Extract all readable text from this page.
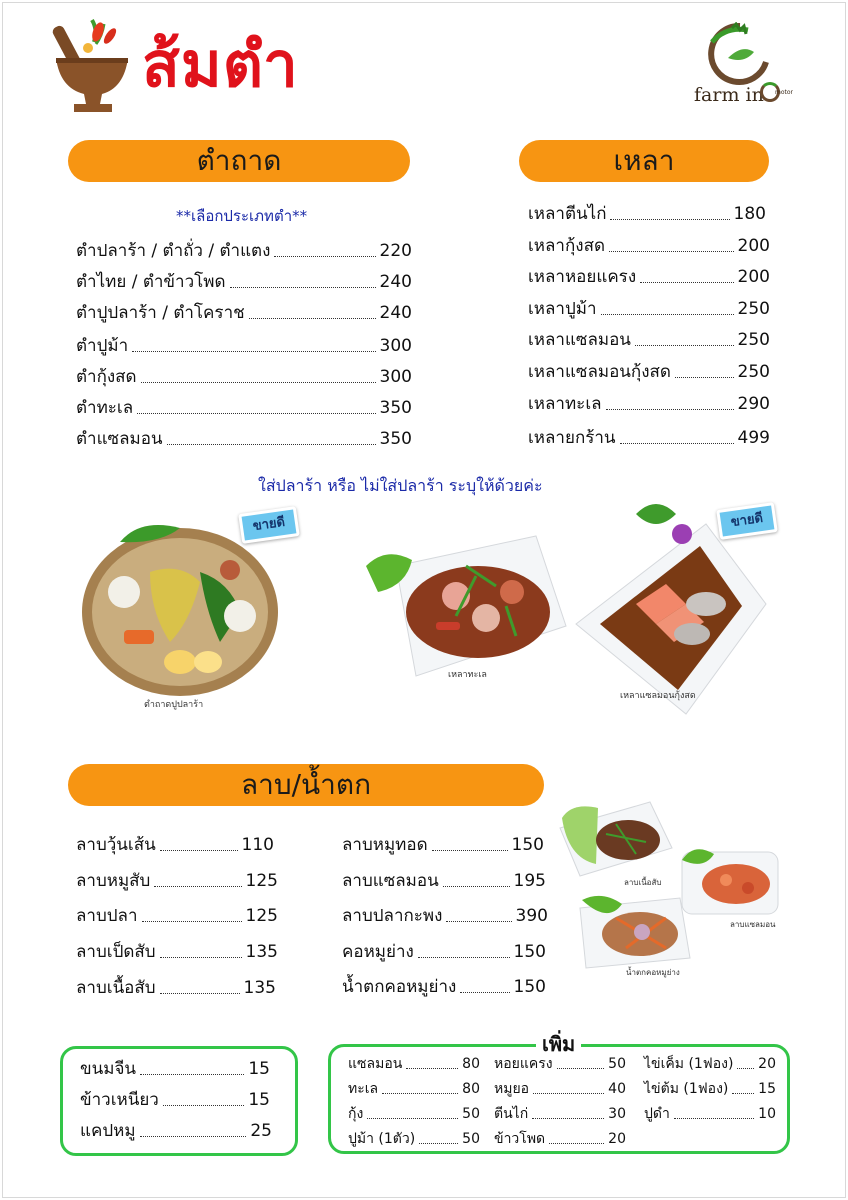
ส้มตำ	farm in motor
ตำถาด	เหลา
**เลือกประเภทตำ**
ตำปลาร้า / ตำถั่ว / ตำแตง	220
ตำไทย / ตำข้าวโพด	240
ตำปูปลาร้า / ตำโคราช	240
ตำปูม้า	300
ตำกุ้งสด	300
ตำทะเล	350
ตำแซลมอน	350
เหลาตีนไก่	180
เหลากุ้งสด	200
เหลาหอยแครง	200
เหลาปูม้า	250
เหลาแซลมอน	250
เหลาแซลมอนกุ้งสด	250
เหลาทะเล	290
เหลายกร้าน	499
ใส่ปลาร้า หรือ ไม่ใส่ปลาร้า ระบุให้ด้วยค่ะ
ขายดี
ตำถาดปูปลาร้า
เหลาทะเล
ขายดี
เหลาแซลมอนกุ้งสด
ลาบ/น้ำตก
ลาบวุ้นเส้น	110
ลาบหมูสับ	125
ลาบปลา	125
ลาบเป็ดสับ	135
ลาบเนื้อสับ	135
ลาบหมูทอด	150
ลาบแซลมอน	195
ลาบปลากะพง	390
คอหมูย่าง	150
น้ำตกคอหมูย่าง	150
ลาบเนื้อสับ
ลาบแซลมอน
น้ำตกคอหมูย่าง
ขนมจีน	15
ข้าวเหนียว	15
แคปหมู	25
เพิ่ม
แซลมอน	80
ทะเล	80
กุ้ง	50
ปูม้า (1ตัว)	50
หอยแครง	50
หมูยอ	40
ตีนไก่	30
ข้าวโพด	20
ไข่เค็ม (1ฟอง) 20
ไข่ต้ม (1ฟอง) 15
ปูดำ	10
